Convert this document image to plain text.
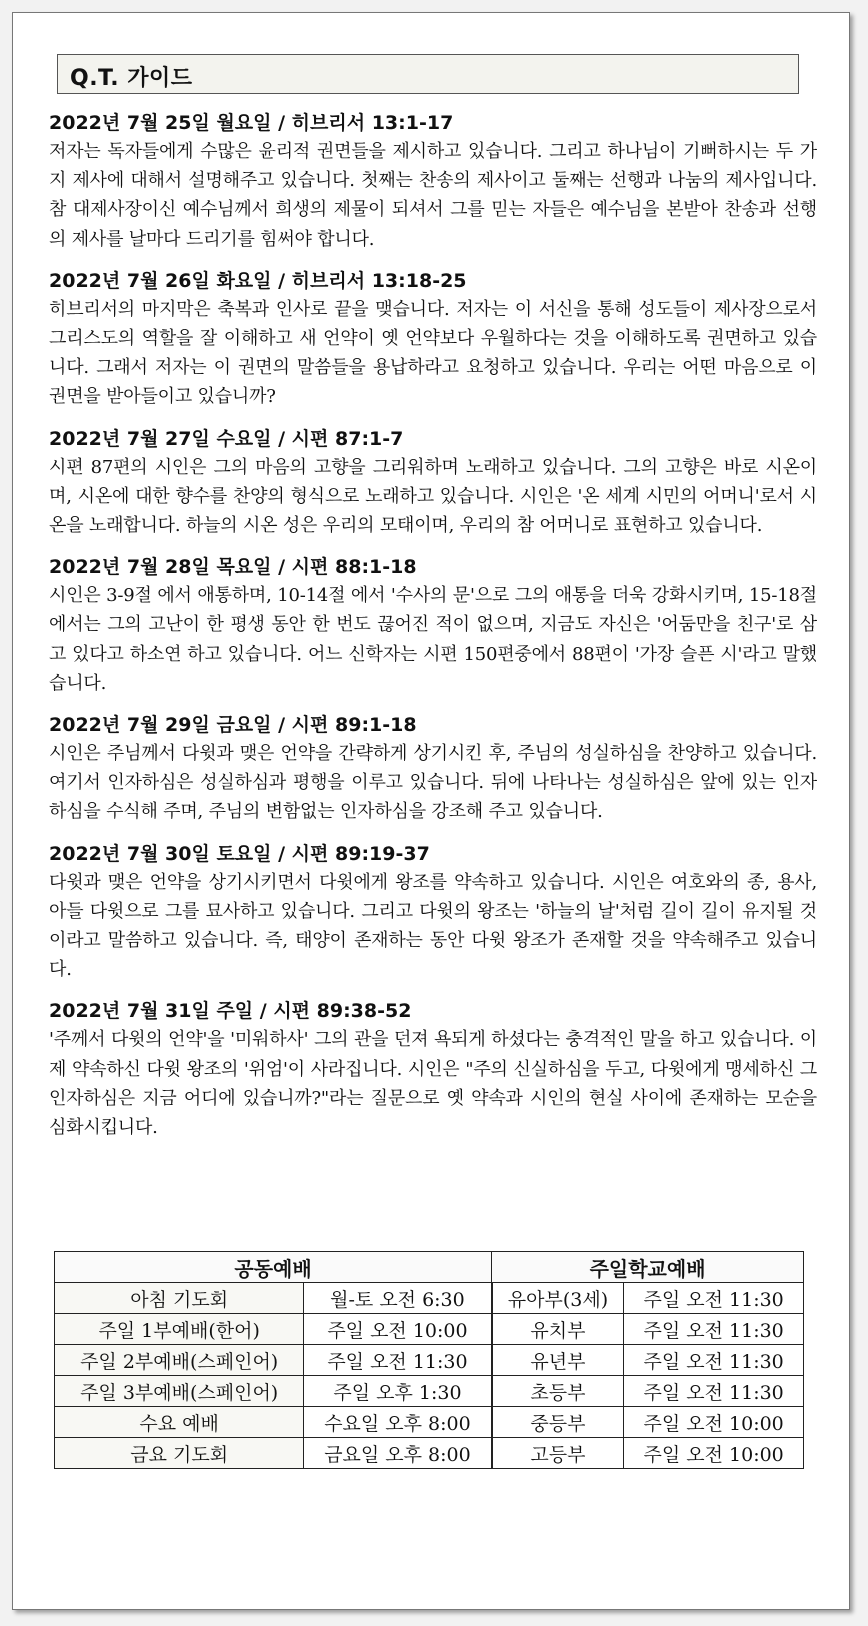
Q.T. 가이드
2022년 7월 25일 월요일 / 히브리서 13:1-17
저자는 독자들에게 수많은 윤리적 권면들을 제시하고 있습니다. 그리고 하나님이 기뻐하시는 두 가지 제사에 대해서 설명해주고 있습니다. 첫째는 찬송의 제사이고 둘째는 선행과 나눔의 제사입니다. 참 대제사장이신 예수님께서 희생의 제물이 되셔서 그를 믿는 자들은 예수님을 본받아 찬송과 선행의 제사를 날마다 드리기를 힘써야 합니다.
2022년 7월 26일 화요일 / 히브리서 13:18-25
히브리서의 마지막은 축복과 인사로 끝을 맺습니다. 저자는 이 서신을 통해 성도들이 제사장으로서 그리스도의 역할을 잘 이해하고 새 언약이 옛 언약보다 우월하다는 것을 이해하도록 권면하고 있습니다. 그래서 저자는 이 권면의 말씀들을 용납하라고 요청하고 있습니다. 우리는 어떤 마음으로 이 권면을 받아들이고 있습니까?
2022년 7월 27일 수요일 / 시편 87:1-7
시편 87편의 시인은 그의 마음의 고향을 그리워하며 노래하고 있습니다. 그의 고향은 바로 시온이며, 시온에 대한 향수를 찬양의 형식으로 노래하고 있습니다. 시인은 '온 세계 시민의 어머니'로서 시온을 노래합니다. 하늘의 시온 성은 우리의 모태이며, 우리의 참 어머니로 표현하고 있습니다.
2022년 7월 28일 목요일 / 시편 88:1-18
시인은 3-9절 에서 애통하며, 10-14절 에서 '수사의 문'으로 그의 애통을 더욱 강화시키며, 15-18절 에서는 그의 고난이 한 평생 동안 한 번도 끊어진 적이 없으며, 지금도 자신은 '어둠만을 친구'로 삼고 있다고 하소연 하고 있습니다. 어느 신학자는 시편 150편중에서 88편이 '가장 슬픈 시'라고 말했습니다.
2022년 7월 29일 금요일 / 시편 89:1-18
시인은 주님께서 다윗과 맺은 언약을 간략하게 상기시킨 후, 주님의 성실하심을 찬양하고 있습니다. 여기서 인자하심은 성실하심과 평행을 이루고 있습니다. 뒤에 나타나는 성실하심은 앞에 있는 인자하심을 수식해 주며, 주님의 변함없는 인자하심을 강조해 주고 있습니다.
2022년 7월 30일 토요일 / 시편 89:19-37
다윗과 맺은 언약을 상기시키면서 다윗에게 왕조를 약속하고 있습니다. 시인은 여호와의 종, 용사, 아들 다윗으로 그를 묘사하고 있습니다. 그리고 다윗의 왕조는 '하늘의 날'처럼 길이 길이 유지될 것이라고 말씀하고 있습니다. 즉, 태양이 존재하는 동안 다윗 왕조가 존재할 것을 약속해주고 있습니다.
2022년 7월 31일 주일 / 시편 89:38-52
'주께서 다윗의 언약'을 '미워하사' 그의 관을 던져 욕되게 하셨다는 충격적인 말을 하고 있습니다. 이제 약속하신 다윗 왕조의 '위엄'이 사라집니다. 시인은 "주의 신실하심을 두고, 다윗에게 맹세하신 그 인자하심은 지금 어디에 있습니까?"라는 질문으로 옛 약속과 시인의 현실 사이에 존재하는 모순을 심화시킵니다.
공동예배		주일학교예배	
아침 기도회	월-토 오전 6:30	유아부(3세)	주일 오전 11:30
주일 1부예배(한어)	주일 오전 10:00	유치부	주일 오전 11:30
주일 2부예배(스페인어)	주일 오전 11:30	유년부	주일 오전 11:30
주일 3부예배(스페인어)	주일 오후 1:30	초등부	주일 오전 11:30
수요 예배	수요일 오후 8:00	중등부	주일 오전 10:00
금요 기도회	금요일 오후 8:00	고등부	주일 오전 10:00
